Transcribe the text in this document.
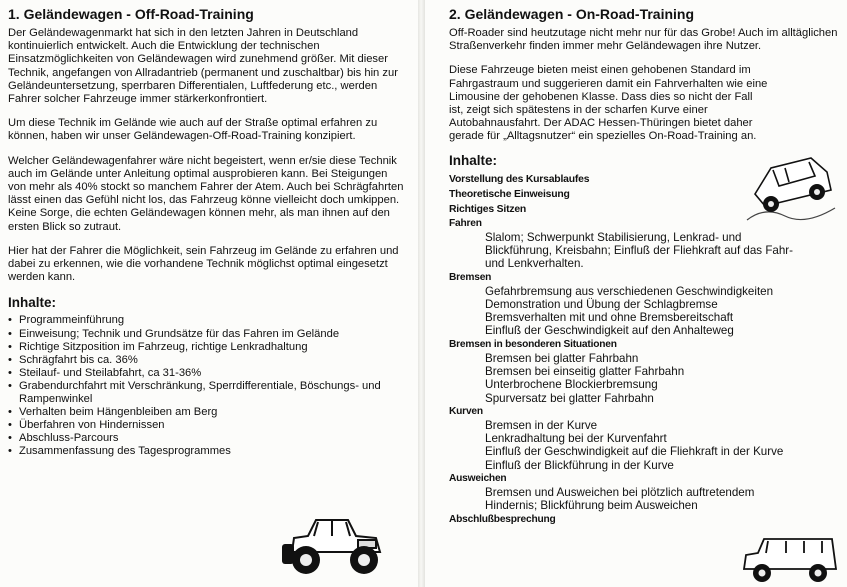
1. Geländewagen - Off-Road-Training

Der Geländewagenmarkt hat sich in den letzten Jahren in Deutschland kontinuierlich entwickelt. Auch die Entwicklung der technischen Einsatzmöglichkeiten von Geländewagen wird zunehmend größer. Mit dieser Technik, angefangen von Allradantrieb (permanent und zuschaltbar) bis hin zur Geländeuntersetzung, sperrbaren Differentialen, Luftfederung etc., werden Fahrer solcher Fahrzeuge immer stärkerkonfrontiert.

Um diese Technik im Gelände wie auch auf der Straße optimal erfahren zu können, haben wir unser Geländewagen-Off-Road-Training konzipiert.

Welcher Geländewagenfahrer wäre nicht begeistert, wenn er/sie diese Technik auch im Gelände unter Anleitung optimal ausprobieren kann. Bei Steigungen von mehr als 40% stockt so manchem Fahrer der Atem. Auch bei Schrägfahrten lässt einen das Gefühl nicht los, das Fahrzeug könne vielleicht doch umkippen. Keine Sorge, die echten Geländewagen können mehr, als man ihnen auf den ersten Blick so zutraut.

Hier hat der Fahrer die Möglichkeit, sein Fahrzeug im Gelände zu erfahren und dabei zu erkennen, wie die vorhandene Technik möglichst optimal eingesetzt werden kann.

Inhalte:
• Programmeinführung
• Einweisung; Technik und Grundsätze für das Fahren im Gelände
• Richtige Sitzposition im Fahrzeug, richtige Lenkradhaltung
• Schrägfahrt bis ca. 36%
• Steilauf- und Steilabfahrt, ca 31-36%
• Grabendurchfahrt mit Verschränkung, Sperrdifferentiale, Böschungs- und Rampenwinkel
• Verhalten beim Hängenbleiben am Berg
• Überfahren von Hindernissen
• Abschluss-Parcours
• Zusammenfassung des Tagesprogrammes
2. Geländewagen - On-Road-Training

Off-Roader sind heutzutage nicht mehr nur für das Grobe! Auch im alltäglichen Straßenverkehr finden immer mehr Geländewagen ihre Nutzer.

Diese Fahrzeuge bieten meist einen gehobenen Standard im Fahrgastraum und suggerieren damit ein Fahrverhalten wie eine Limousine der gehobenen Klasse. Dass dies so nicht der Fall ist, zeigt sich spätestens in der scharfen Kurve einer Autobahnausfahrt. Der ADAC Hessen-Thüringen bietet daher gerade für „Alltagsnutzer“ ein spezielles On-Road-Training an.

Inhalte:
Vorstellung des Kursablaufes
Theoretische Einweisung
Richtiges Sitzen
Fahren
Slalom; Schwerpunkt Stabilisierung, Lenkrad- und Blickführung, Kreisbahn; Einfluß der Fliehkraft auf das Fahr- und Lenkverhalten.
Bremsen
Gefahrbremsung aus verschiedenen Geschwindigkeiten
Demonstration und Übung der Schlagbremse
Bremsverhalten mit und ohne Bremsbereitschaft
Einfluß der Geschwindigkeit auf den Anhalteweg
Bremsen in besonderen Situationen
Bremsen bei glatter Fahrbahn
Bremsen bei einseitig glatter Fahrbahn
Unterbrochene Blockierbremsung
Spurversatz bei glatter Fahrbahn
Kurven
Bremsen in der Kurve
Lenkradhaltung bei der Kurvenfahrt
Einfluß der Geschwindigkeit auf die Fliehkraft in der Kurve
Einfluß der Blickführung in der Kurve
Ausweichen
Bremsen und Ausweichen bei plötzlich auftretendem Hindernis; Blickführung beim Ausweichen
Abschlußbesprechung
